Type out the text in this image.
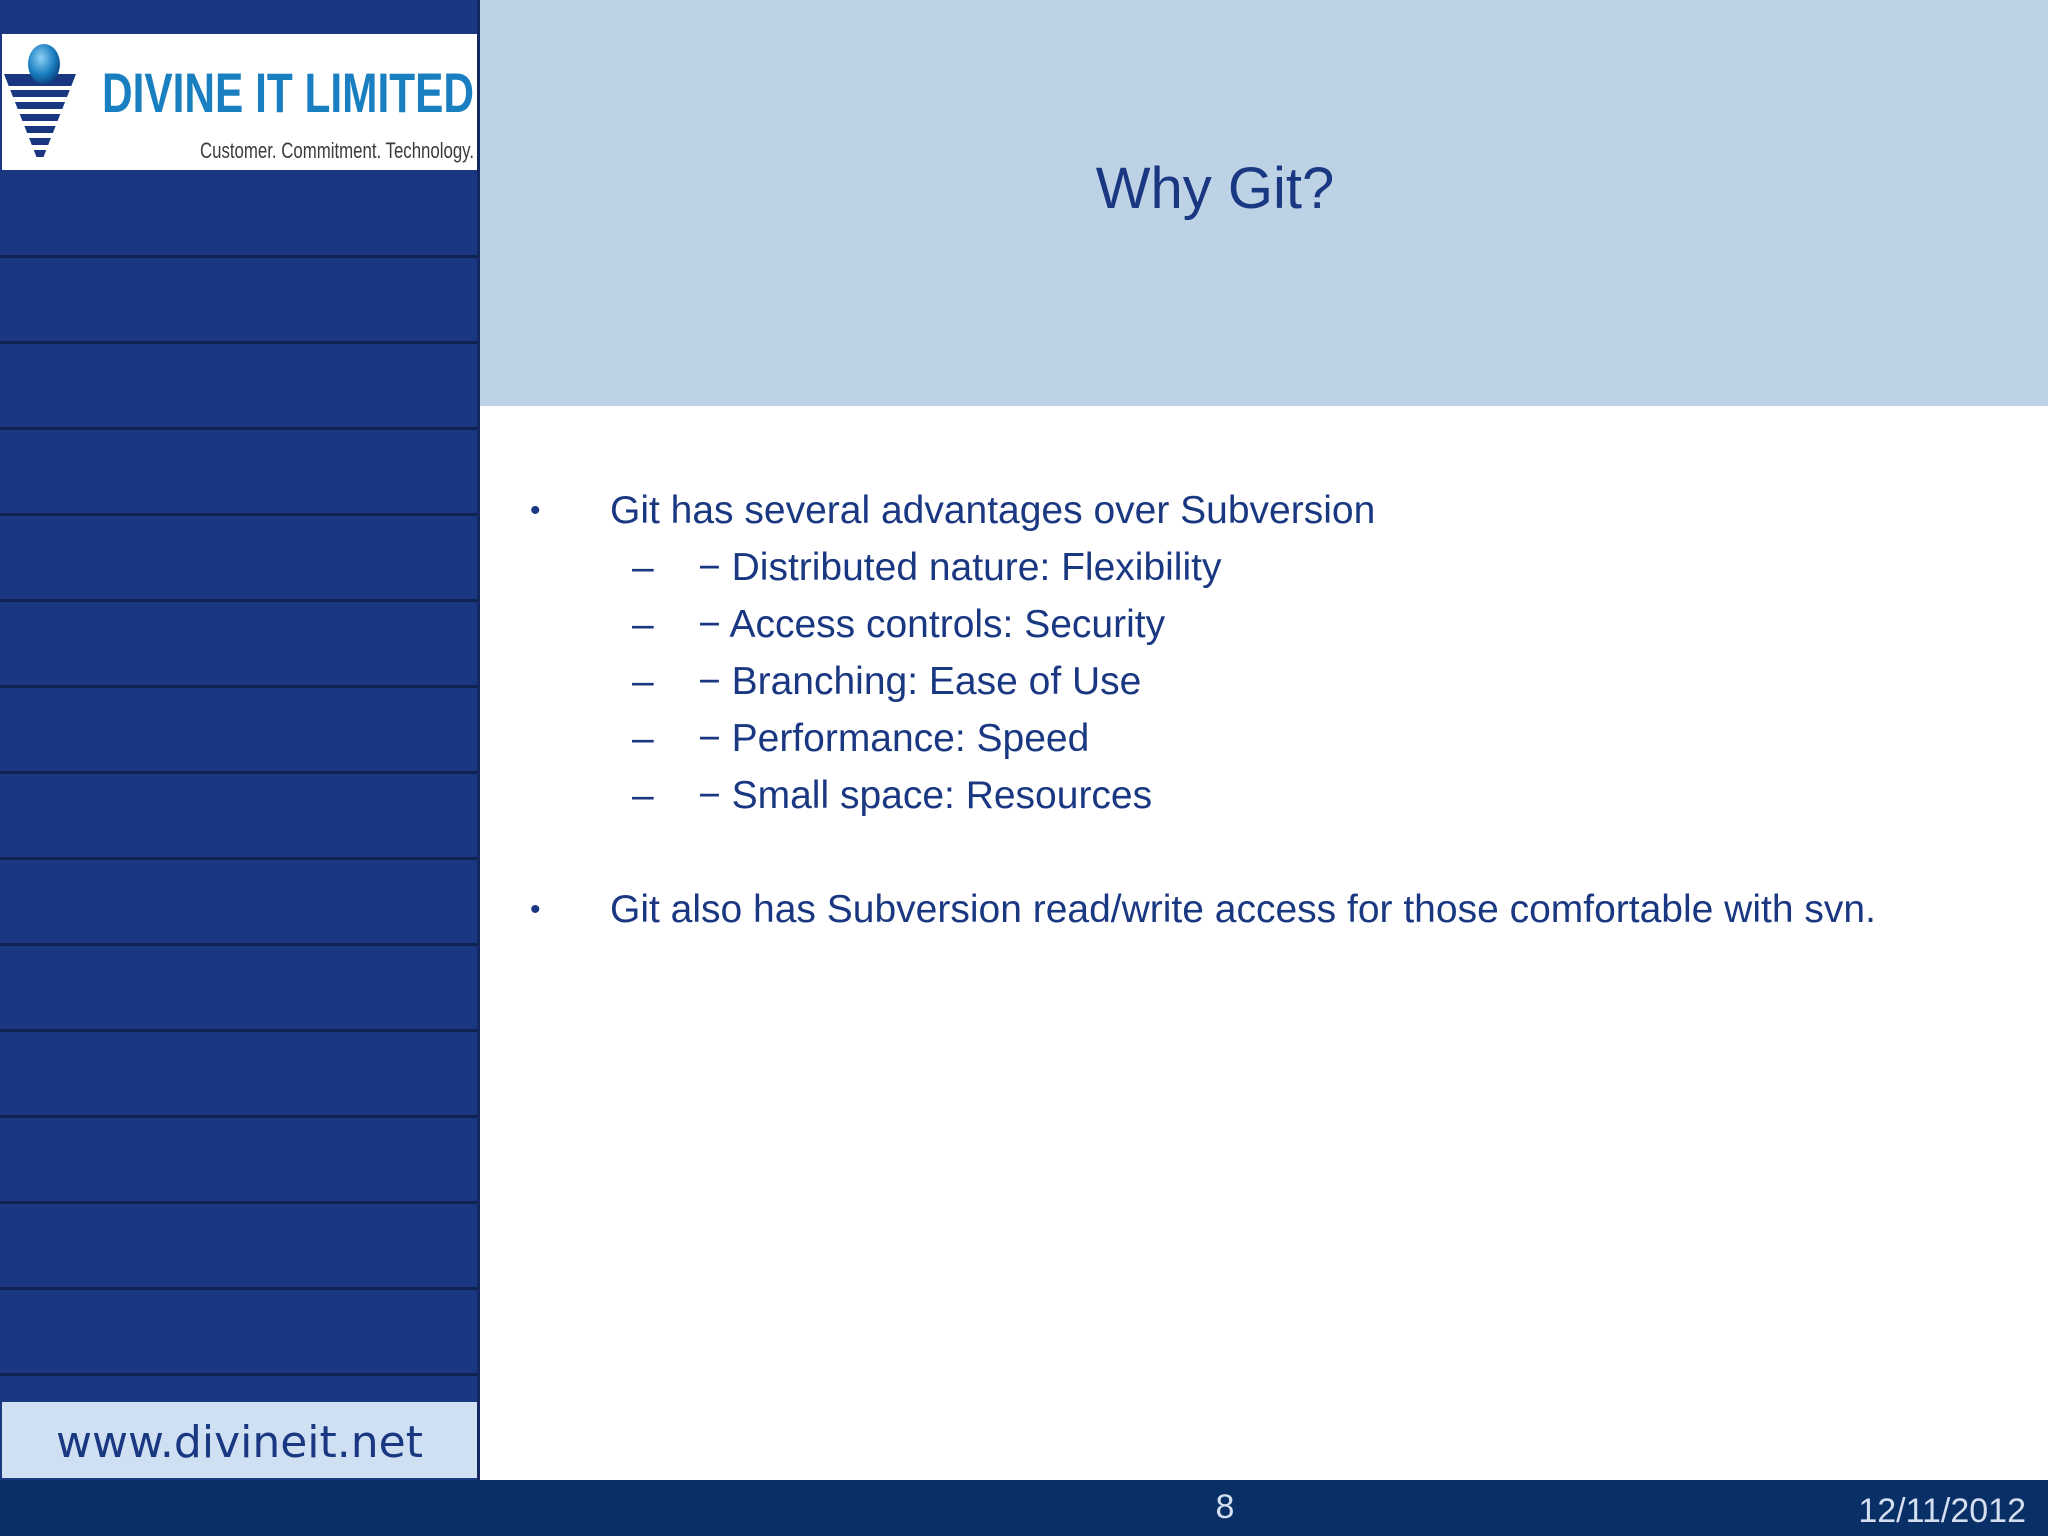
DIVINE IT LIMITED
Customer. Commitment. Technology.
www.divineit.net
Why Git?
• Git has several advantages over Subversion
– − Distributed nature: Flexibility
– − Access controls: Security
– − Branching: Ease of Use
– − Performance: Speed
– − Small space: Resources
• Git also has Subversion read/write access for those comfortable with svn.
8	12/11/2012
